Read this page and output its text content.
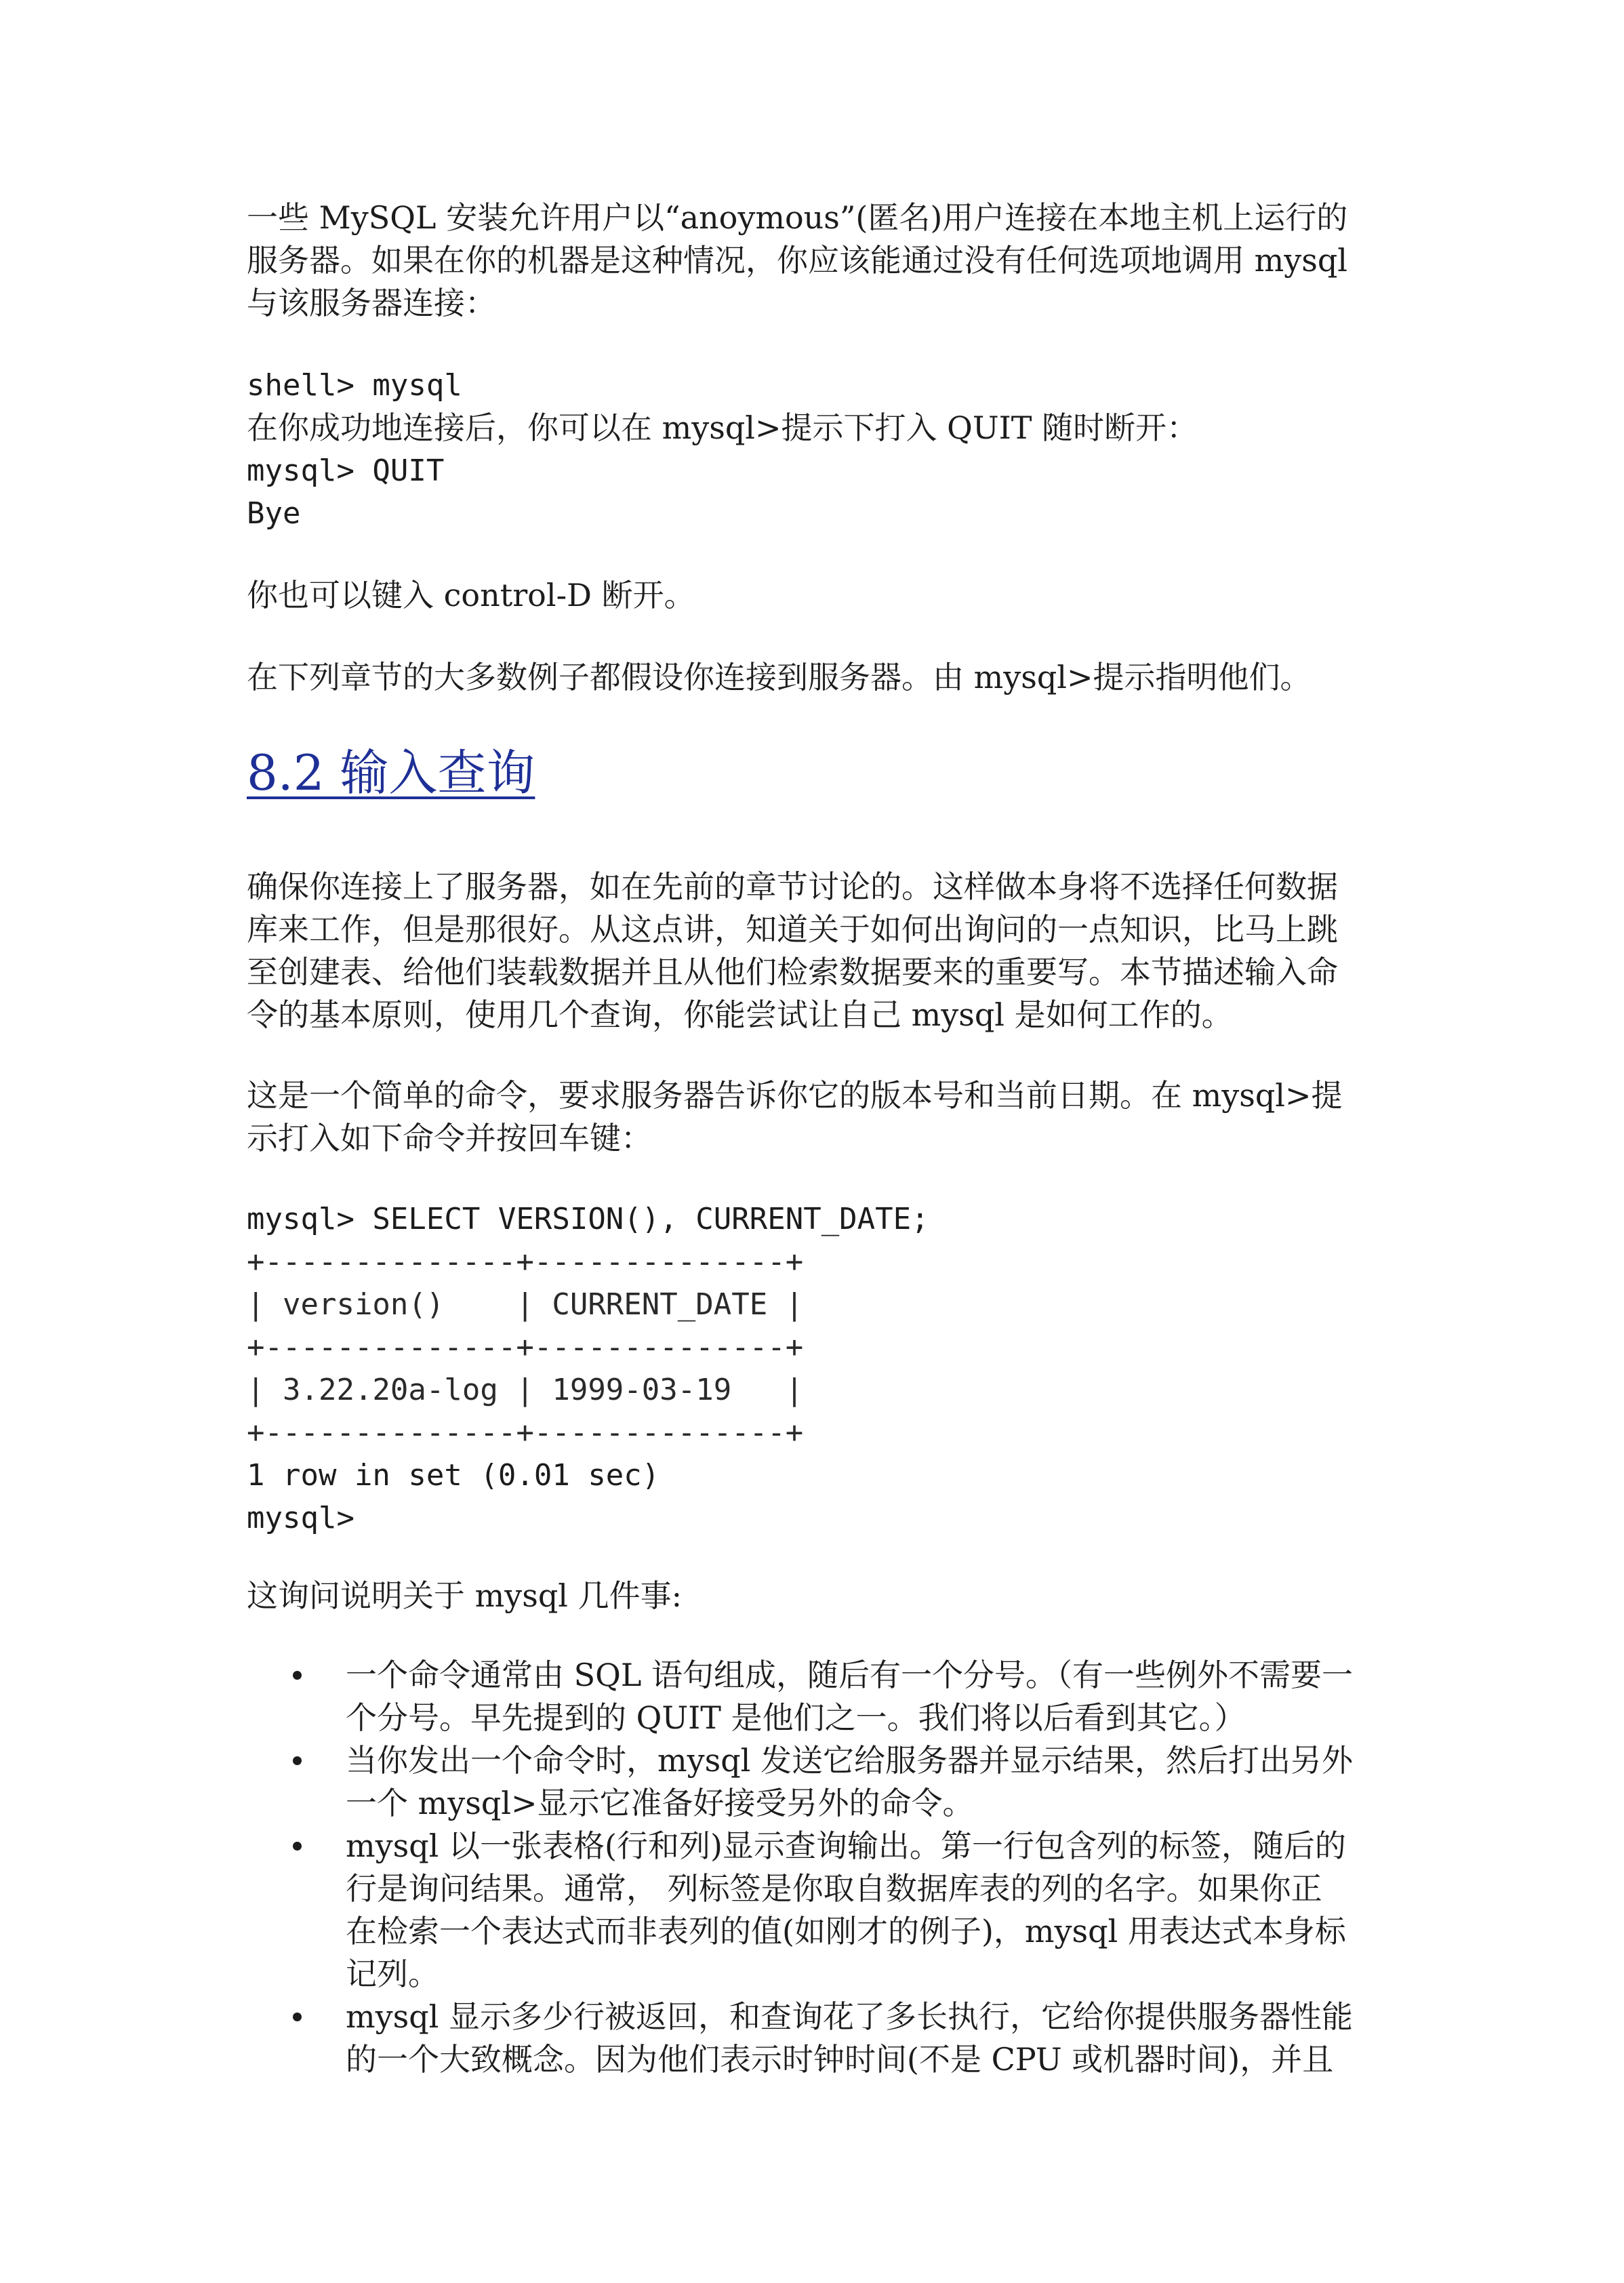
一些 MySQL 安装允许用户以“anoymous”(匿名)用户连接在本地主机上运行的
服务器。如果在你的机器是这种情况，你应该能通过没有任何选项地调用 mysql
与该服务器连接：
shell> mysql
在你成功地连接后，你可以在 mysql>提示下打入 QUIT 随时断开：
mysql> QUIT
Bye
你也可以键入 control-D 断开。
在下列章节的大多数例子都假设你连接到服务器。由 mysql>提示指明他们。
8.2 输入查询
确保你连接上了服务器，如在先前的章节讨论的。这样做本身将不选择任何数据
库来工作，但是那很好。从这点讲，知道关于如何出询问的一点知识，比马上跳
至创建表、给他们装载数据并且从他们检索数据要来的重要写。本节描述输入命
令的基本原则，使用几个查询，你能尝试让自己 mysql 是如何工作的。
这是一个简单的命令，要求服务器告诉你它的版本号和当前日期。在 mysql>提
示打入如下命令并按回车键：
mysql> SELECT VERSION(), CURRENT_DATE;
+--------------+--------------+
| version()    | CURRENT_DATE |
+--------------+--------------+
| 3.22.20a-log | 1999-03-19   |
+--------------+--------------+
1 row in set (0.01 sec)
mysql>
这询问说明关于 mysql 几件事:
一个命令通常由 SQL 语句组成，随后有一个分号。（有一些例外不需要一
个分号。早先提到的 QUIT 是他们之一。我们将以后看到其它。）
当你发出一个命令时，mysql 发送它给服务器并显示结果，然后打出另外
一个 mysql>显示它准备好接受另外的命令。
mysql 以一张表格(行和列)显示查询输出。第一行包含列的标签，随后的
行是询问结果。通常， 列标签是你取自数据库表的列的名字。如果你正
在检索一个表达式而非表列的值(如刚才的例子)，mysql 用表达式本身标
记列。
mysql 显示多少行被返回，和查询花了多长执行，它给你提供服务器性能
的一个大致概念。因为他们表示时钟时间(不是 CPU 或机器时间)，并且
